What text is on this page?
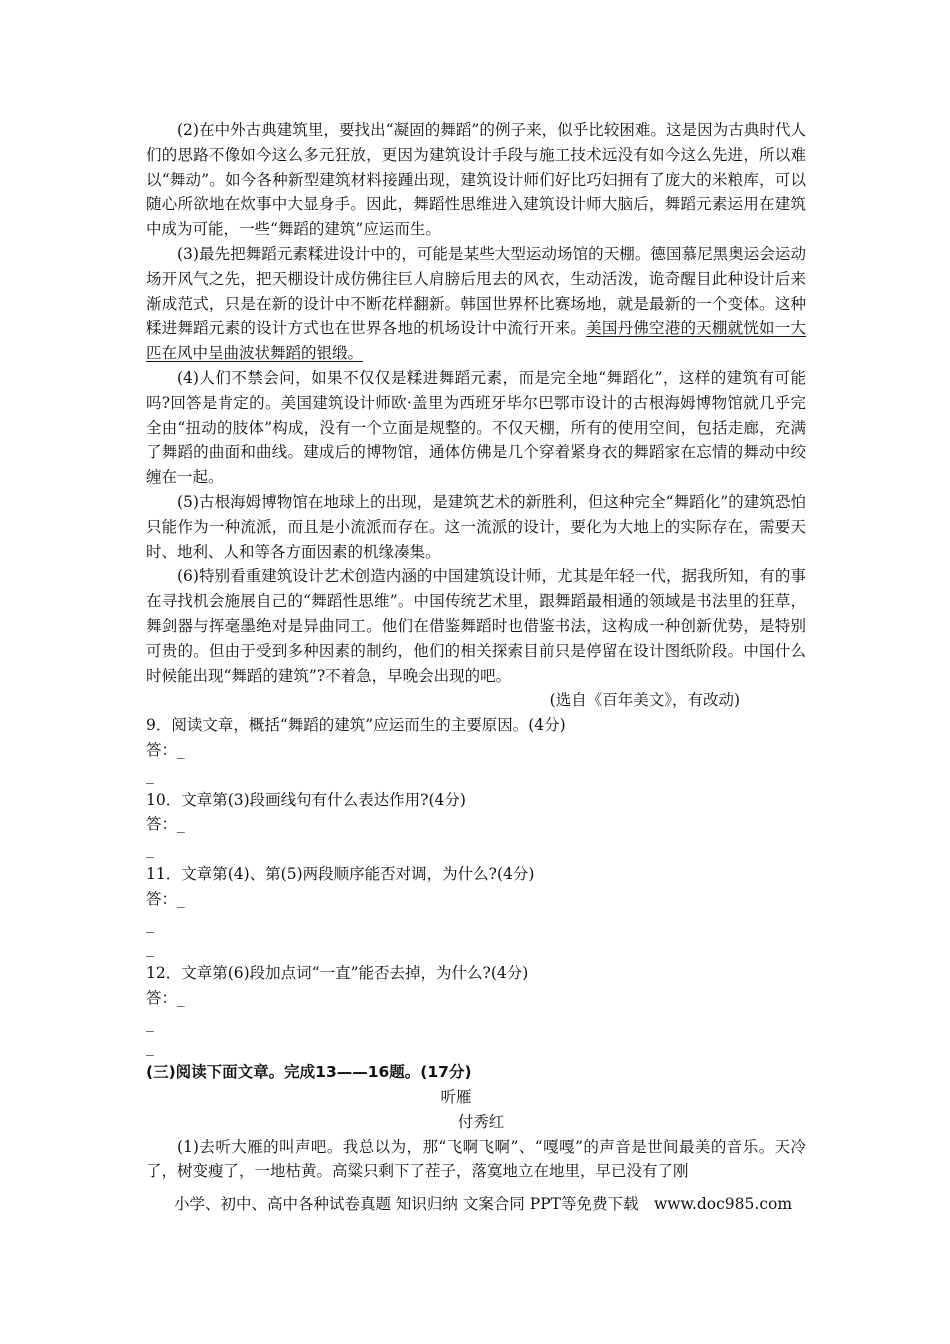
(2)在中外古典建筑里，要找出“凝固的舞蹈”的例子来，似乎比较困难。这是因为古典时代人们的思路不像如今这么多元狂放，更因为建筑设计手段与施工技术远没有如今这么先进，所以难以“舞动”。如今各种新型建筑材料接踵出现，建筑设计师们好比巧妇拥有了庞大的米粮库，可以随心所欲地在炊事中大显身手。因此，舞蹈性思维进入建筑设计师大脑后，舞蹈元素运用在建筑中成为可能，一些“舞蹈的建筑”应运而生。

(3)最先把舞蹈元素糅进设计中的，可能是某些大型运动场馆的天棚。德国慕尼黑奥运会运动场开风气之先，把天棚设计成仿佛往巨人肩膀后甩去的风衣，生动活泼，诡奇醒目此种设计后来渐成范式，只是在新的设计中不断花样翻新。韩国世界杯比赛场地，就是最新的一个变体。这种糅进舞蹈元素的设计方式也在世界各地的机场设计中流行开来。美国丹佛空港的天棚就恍如一大匹在风中呈曲波状舞蹈的银缎。

(4)人们不禁会问，如果不仅仅是糅进舞蹈元素，而是完全地“舞蹈化”，这样的建筑有可能吗?回答是肯定的。美国建筑设计师欧·盖里为西班牙毕尔巴鄂市设计的古根海姆博物馆就几乎完全由“扭动的肢体”构成，没有一个立面是规整的。不仅天棚，所有的使用空间，包括走廊，充满了舞蹈的曲面和曲线。建成后的博物馆，通体仿佛是几个穿着紧身衣的舞蹈家在忘情的舞动中绞缠在一起。

(5)古根海姆博物馆在地球上的出现，是建筑艺术的新胜利，但这种完全“舞蹈化”的建筑恐怕只能作为一种流派，而且是小流派而存在。这一流派的设计，要化为大地上的实际存在，需要天时、地利、人和等各方面因素的机缘凑集。

(6)特别看重建筑设计艺术创造内涵的中国建筑设计师，尤其是年轻一代，据我所知，有的事在寻找机会施展自己的“舞蹈性思维”。中国传统艺术里，跟舞蹈最相通的领域是书法里的狂草，舞剑器与挥毫墨绝对是异曲同工。他们在借鉴舞蹈时也借鉴书法，这构成一种创新优势，是特别可贵的。但由于受到多种因素的制约，他们的相关探索目前只是停留在设计图纸阶段。中国什么时候能出现“舞蹈的建筑”?不着急，早晚会出现的吧。

(选自《百年美文》，有改动)

9．阅读文章，概括“舞蹈的建筑”应运而生的主要原因。(4分)

答：_

_

10．文章第(3)段画线句有什么表达作用?(4分)

答：_

_

11．文章第(4)、第(5)两段顺序能否对调，为什么?(4分)

答：_

_

_

12．文章第(6)段加点词“一直”能否去掉，为什么?(4分)

答：_

_

_

(三)阅读下面文章。完成13——16题。(17分)

听雁

付秀红

(1)去听大雁的叫声吧。我总以为，那“飞啊飞啊”、“嘎嘎”的声音是世间最美的音乐。天冷了，树变瘦了，一地枯黄。高粱只剩下了茬子，落寞地立在地里，早已没有了刚

小学、初中、高中各种试卷真题 知识归纳 文案合同 PPT等免费下载　www.doc985.com
